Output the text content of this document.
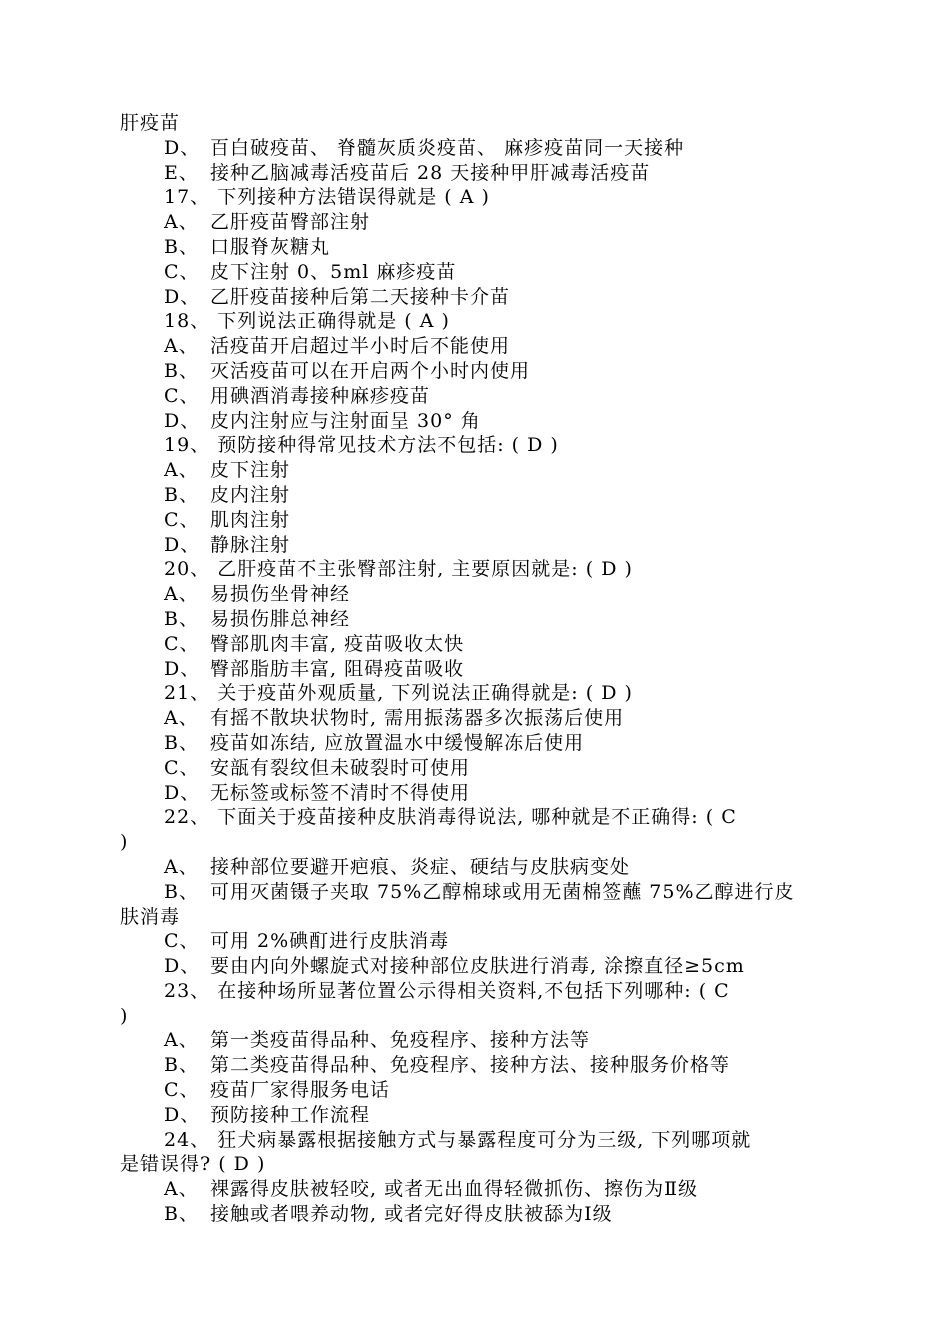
肝疫苗
D、 百白破疫苗、 脊髓灰质炎疫苗、 麻疹疫苗同一天接种
E、 接种乙脑减毒活疫苗后 28 天接种甲肝减毒活疫苗
17、 下列接种方法错误得就是 ( A )
A、 乙肝疫苗臀部注射
B、 口服脊灰糖丸
C、 皮下注射 0、5ml 麻疹疫苗
D、 乙肝疫苗接种后第二天接种卡介苗
18、 下列说法正确得就是 ( A )
A、 活疫苗开启超过半小时后不能使用
B、 灭活疫苗可以在开启两个小时内使用
C、 用碘酒消毒接种麻疹疫苗
D、 皮内注射应与注射面呈 30° 角
19、 预防接种得常见技术方法不包括: ( D )
A、 皮下注射
B、 皮内注射
C、 肌肉注射
D、 静脉注射
20、 乙肝疫苗不主张臀部注射, 主要原因就是: ( D )
A、 易损伤坐骨神经
B、 易损伤腓总神经
C、 臀部肌肉丰富, 疫苗吸收太快
D、 臀部脂肪丰富, 阻碍疫苗吸收
21、 关于疫苗外观质量, 下列说法正确得就是: ( D )
A、 有摇不散块状物时, 需用振荡器多次振荡后使用
B、 疫苗如冻结, 应放置温水中缓慢解冻后使用
C、 安瓿有裂纹但未破裂时可使用
D、 无标签或标签不清时不得使用
22、 下面关于疫苗接种皮肤消毒得说法, 哪种就是不正确得: ( C
)
A、 接种部位要避开疤痕、炎症、硬结与皮肤病变处
B、 可用灭菌镊子夹取 75%乙醇棉球或用无菌棉签蘸 75%乙醇进行皮
肤消毒
C、 可用 2%碘酊进行皮肤消毒
D、 要由内向外螺旋式对接种部位皮肤进行消毒, 涂擦直径≥5cm
23、 在接种场所显著位置公示得相关资料,不包括下列哪种: ( C
)
A、 第一类疫苗得品种、免疫程序、接种方法等
B、 第二类疫苗得品种、免疫程序、接种方法、接种服务价格等
C、 疫苗厂家得服务电话
D、 预防接种工作流程
24、 狂犬病暴露根据接触方式与暴露程度可分为三级, 下列哪项就
是错误得? ( D )
A、 裸露得皮肤被轻咬, 或者无出血得轻微抓伤、擦伤为Ⅱ级
B、 接触或者喂养动物, 或者完好得皮肤被舔为Ⅰ级
